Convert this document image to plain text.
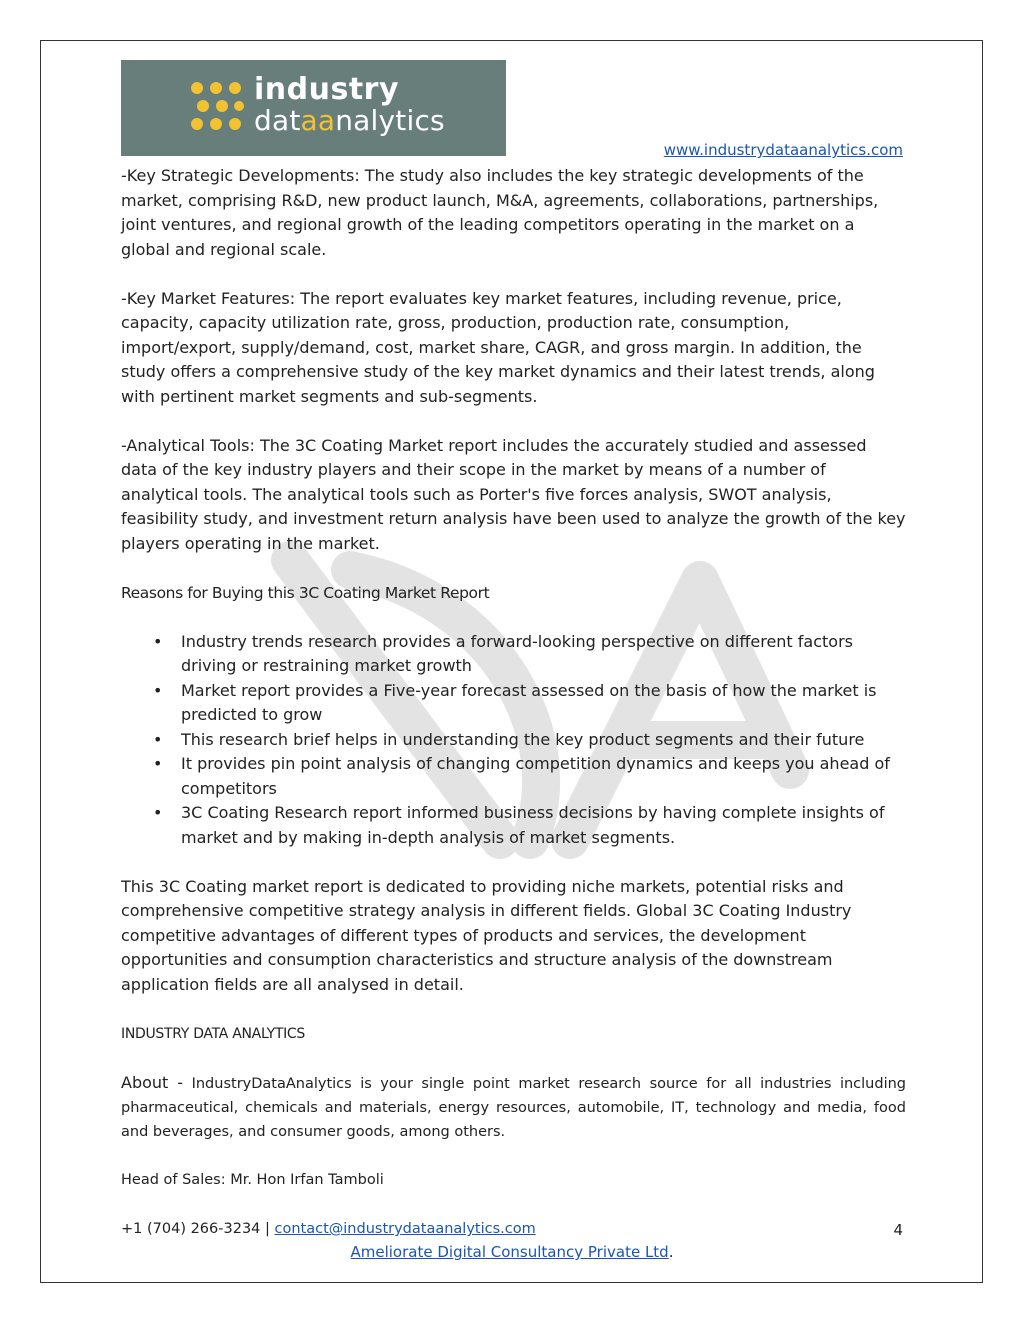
industry
dataanalytics
www.industrydataanalytics.com

-Key Strategic Developments: The study also includes the key strategic developments of the market, comprising R&D, new product launch, M&A, agreements, collaborations, partnerships, joint ventures, and regional growth of the leading competitors operating in the market on a global and regional scale.

-Key Market Features: The report evaluates key market features, including revenue, price, capacity, capacity utilization rate, gross, production, production rate, consumption, import/export, supply/demand, cost, market share, CAGR, and gross margin. In addition, the study offers a comprehensive study of the key market dynamics and their latest trends, along with pertinent market segments and sub-segments.

-Analytical Tools: The 3C Coating Market report includes the accurately studied and assessed data of the key industry players and their scope in the market by means of a number of analytical tools. The analytical tools such as Porter's five forces analysis, SWOT analysis, feasibility study, and investment return analysis have been used to analyze the growth of the key players operating in the market.

Reasons for Buying this 3C Coating Market Report

• Industry trends research provides a forward-looking perspective on different factors driving or restraining market growth
• Market report provides a Five-year forecast assessed on the basis of how the market is predicted to grow
• This research brief helps in understanding the key product segments and their future
• It provides pin point analysis of changing competition dynamics and keeps you ahead of competitors
• 3C Coating Research report informed business decisions by having complete insights of market and by making in-depth analysis of market segments.

This 3C Coating market report is dedicated to providing niche markets, potential risks and comprehensive competitive strategy analysis in different fields. Global 3C Coating Industry competitive advantages of different types of products and services, the development opportunities and consumption characteristics and structure analysis of the downstream application fields are all analysed in detail.

INDUSTRY DATA ANALYTICS

About - IndustryDataAnalytics is your single point market research source for all industries including pharmaceutical, chemicals and materials, energy resources, automobile, IT, technology and media, food and beverages, and consumer goods, among others.

Head of Sales: Mr. Hon Irfan Tamboli

+1 (704) 266-3234 | contact@industrydataanalytics.com	4
Ameliorate Digital Consultancy Private Ltd.
